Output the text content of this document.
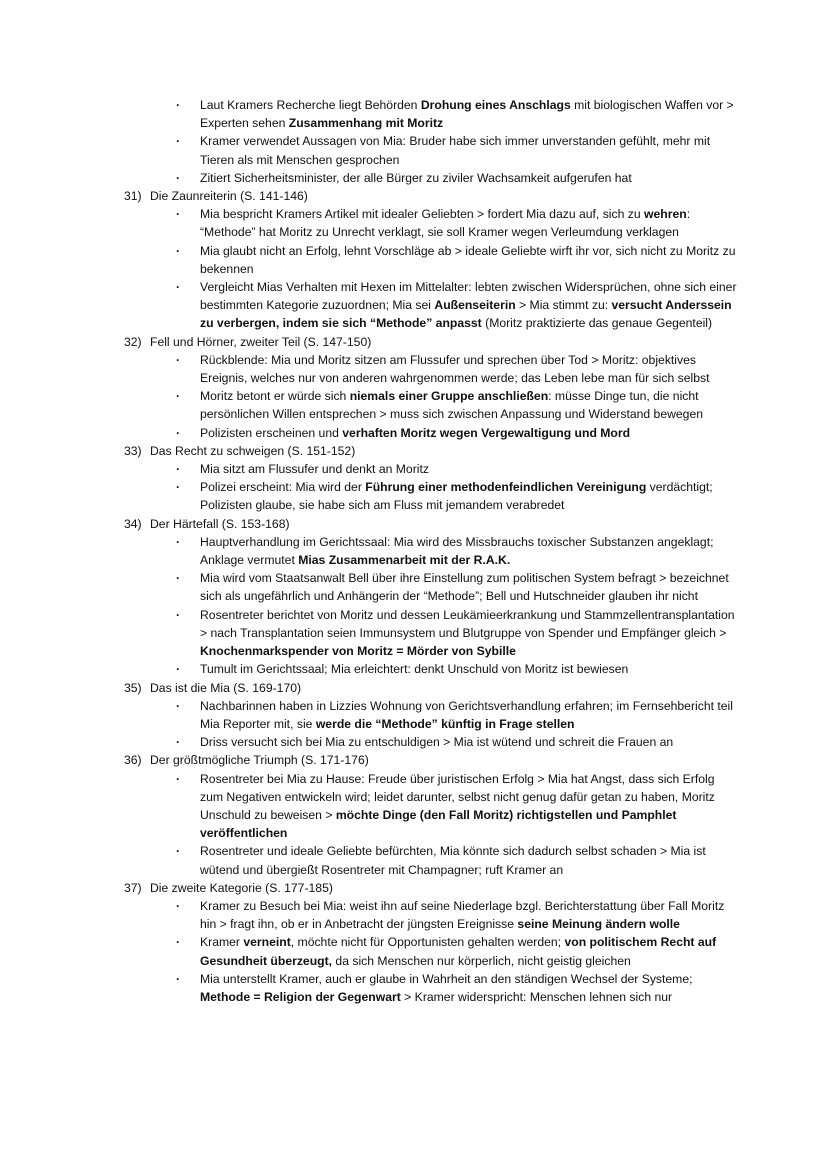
· Laut Kramers Recherche liegt Behörden Drohung eines Anschlags mit biologischen Waffen vor > Experten sehen Zusammenhang mit Moritz
· Kramer verwendet Aussagen von Mia: Bruder habe sich immer unverstanden gefühlt, mehr mit Tieren als mit Menschen gesprochen
· Zitiert Sicherheitsminister, der alle Bürger zu ziviler Wachsamkeit aufgerufen hat
31) Die Zaunreiterin (S. 141-146)
· Mia bespricht Kramers Artikel mit idealer Geliebten > fordert Mia dazu auf, sich zu wehren: “Methode” hat Moritz zu Unrecht verklagt, sie soll Kramer wegen Verleumdung verklagen
· Mia glaubt nicht an Erfolg, lehnt Vorschläge ab > ideale Geliebte wirft ihr vor, sich nicht zu Moritz zu bekennen
· Vergleicht Mias Verhalten mit Hexen im Mittelalter: lebten zwischen Widersprüchen, ohne sich einer bestimmten Kategorie zuzuordnen; Mia sei Außenseiterin > Mia stimmt zu: versucht Anderssein zu verbergen, indem sie sich “Methode” anpasst (Moritz praktizierte das genaue Gegenteil)
32) Fell und Hörner, zweiter Teil (S. 147-150)
· Rückblende: Mia und Moritz sitzen am Flussufer und sprechen über Tod > Moritz: objektives Ereignis, welches nur von anderen wahrgenommen werde; das Leben lebe man für sich selbst
· Moritz betont er würde sich niemals einer Gruppe anschließen: müsse Dinge tun, die nicht persönlichen Willen entsprechen > muss sich zwischen Anpassung und Widerstand bewegen
· Polizisten erscheinen und verhaften Moritz wegen Vergewaltigung und Mord
33) Das Recht zu schweigen (S. 151-152)
· Mia sitzt am Flussufer und denkt an Moritz
· Polizei erscheint: Mia wird der Führung einer methodenfeindlichen Vereinigung verdächtigt; Polizisten glaube, sie habe sich am Fluss mit jemandem verabredet
34) Der Härtefall (S. 153-168)
· Hauptverhandlung im Gerichtssaal: Mia wird des Missbrauchs toxischer Substanzen angeklagt; Anklage vermutet Mias Zusammenarbeit mit der R.A.K.
· Mia wird vom Staatsanwalt Bell über ihre Einstellung zum politischen System befragt > bezeichnet sich als ungefährlich und Anhängerin der “Methode”; Bell und Hutschneider glauben ihr nicht
· Rosentreter berichtet von Moritz und dessen Leukämieerkrankung und Stammzellentransplantation > nach Transplantation seien Immunsystem und Blutgruppe von Spender und Empfänger gleich > Knochenmarkspender von Moritz = Mörder von Sybille
· Tumult im Gerichtssaal; Mia erleichtert: denkt Unschuld von Moritz ist bewiesen
35) Das ist die Mia (S. 169-170)
· Nachbarinnen haben in Lizzies Wohnung von Gerichtsverhandlung erfahren; im Fernsehbericht teil Mia Reporter mit, sie werde die “Methode” künftig in Frage stellen
· Driss versucht sich bei Mia zu entschuldigen > Mia ist wütend und schreit die Frauen an
36) Der größtmögliche Triumph (S. 171-176)
· Rosentreter bei Mia zu Hause: Freude über juristischen Erfolg > Mia hat Angst, dass sich Erfolg zum Negativen entwickeln wird; leidet darunter, selbst nicht genug dafür getan zu haben, Moritz Unschuld zu beweisen > möchte Dinge (den Fall Moritz) richtigstellen und Pamphlet veröffentlichen
· Rosentreter und ideale Geliebte befürchten, Mia könnte sich dadurch selbst schaden > Mia ist wütend und übergießt Rosentreter mit Champagner; ruft Kramer an
37) Die zweite Kategorie (S. 177-185)
· Kramer zu Besuch bei Mia: weist ihn auf seine Niederlage bzgl. Berichterstattung über Fall Moritz hin > fragt ihn, ob er in Anbetracht der jüngsten Ereignisse seine Meinung ändern wolle
· Kramer verneint, möchte nicht für Opportunisten gehalten werden; von politischem Recht auf Gesundheit überzeugt, da sich Menschen nur körperlich, nicht geistig gleichen
· Mia unterstellt Kramer, auch er glaube in Wahrheit an den ständigen Wechsel der Systeme; Methode = Religion der Gegenwart > Kramer widerspricht: Menschen lehnen sich nur
